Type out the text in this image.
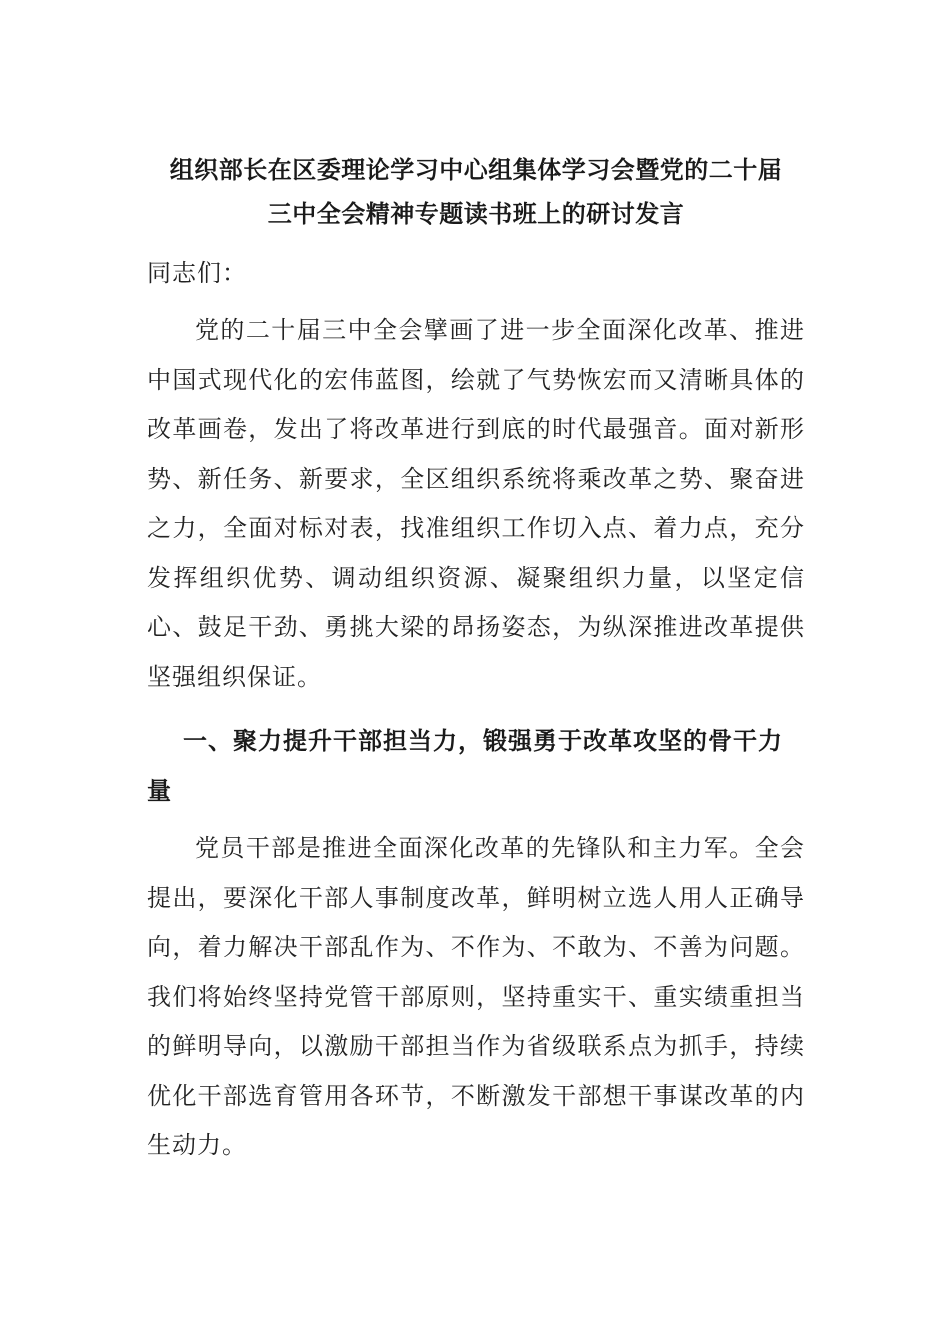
组织部长在区委理论学习中心组集体学习会暨党的二十届
三中全会精神专题读书班上的研讨发言

同志们：

党的二十届三中全会擘画了进一步全面深化改革、推进中国式现代化的宏伟蓝图，绘就了气势恢宏而又清晰具体的改革画卷，发出了将改革进行到底的时代最强音。面对新形势、新任务、新要求，全区组织系统将乘改革之势、聚奋进之力，全面对标对表，找准组织工作切入点、着力点，充分发挥组织优势、调动组织资源、凝聚组织力量，以坚定信心、鼓足干劲、勇挑大梁的昂扬姿态，为纵深推进改革提供坚强组织保证。

一、聚力提升干部担当力，锻强勇于改革攻坚的骨干力量

党员干部是推进全面深化改革的先锋队和主力军。全会提出，要深化干部人事制度改革，鲜明树立选人用人正确导向，着力解决干部乱作为、不作为、不敢为、不善为问题。我们将始终坚持党管干部原则，坚持重实干、重实绩重担当的鲜明导向，以激励干部担当作为省级联系点为抓手，持续优化干部选育管用各环节，不断激发干部想干事谋改革的内生动力。
